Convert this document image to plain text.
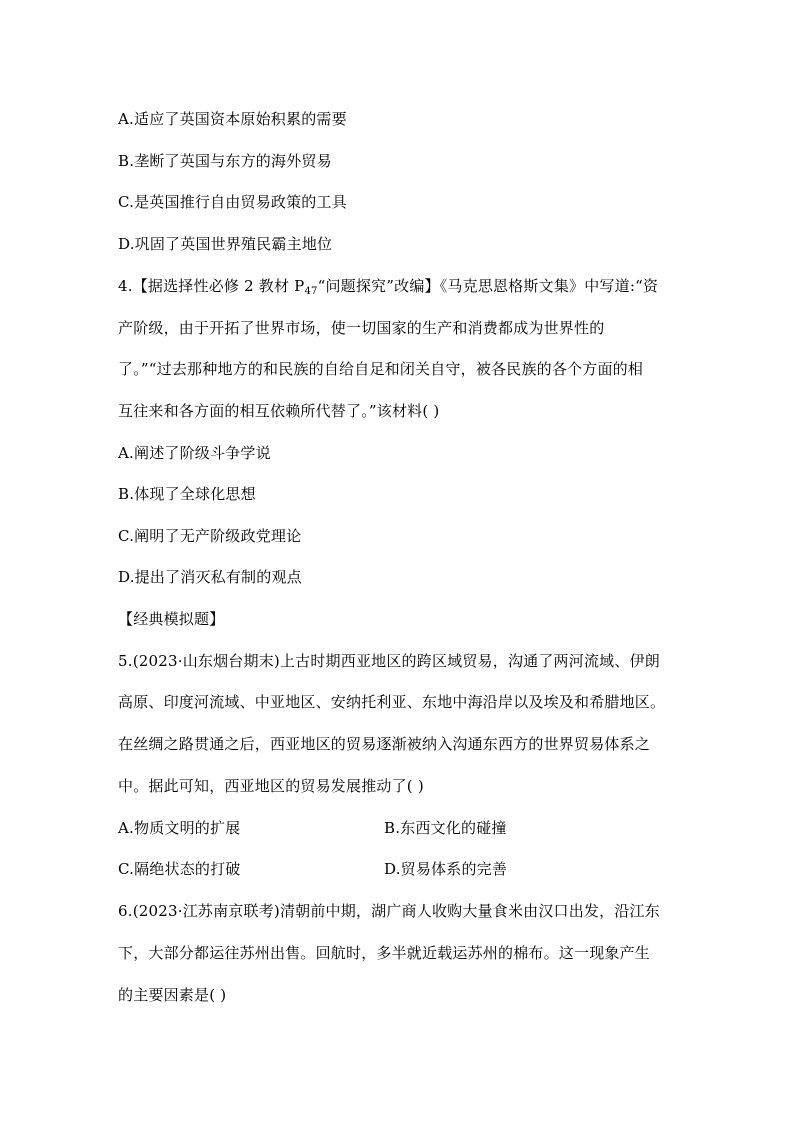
A.适应了英国资本原始积累的需要
B.垄断了英国与东方的海外贸易
C.是英国推行自由贸易政策的工具
D.巩固了英国世界殖民霸主地位
4.【据选择性必修 2 教材 $P_{47}“$问题探究”改编】《马克思恩格斯文集》中写道:“资
产阶级，由于开拓了世界市场，使一切国家的生产和消费都成为世界性的
了。”“过去那种地方的和民族的自给自足和闭关自守，被各民族的各个方面的相
互往来和各方面的相互依赖所代替了。”该材料( )
A.阐述了阶级斗争学说
B.体现了全球化思想
C.阐明了无产阶级政党理论
D.提出了消灭私有制的观点
【经典模拟题】
5.(2023·山东烟台期末)上古时期西亚地区的跨区域贸易，沟通了两河流域、伊朗
高原、印度河流域、中亚地区、安纳托利亚、东地中海沿岸以及埃及和希腊地区。
在丝绸之路贯通之后，西亚地区的贸易逐渐被纳入沟通东西方的世界贸易体系之
中。据此可知，西亚地区的贸易发展推动了( )
A.物质文明的扩展	B.东西文化的碰撞
C.隔绝状态的打破	D.贸易体系的完善
6.(2023·江苏南京联考)清朝前中期，湖广商人收购大量食米由汉口出发，沿江东
下，大部分都运往苏州出售。回航时，多半就近载运苏州的棉布。这一现象产生
的主要因素是( )
